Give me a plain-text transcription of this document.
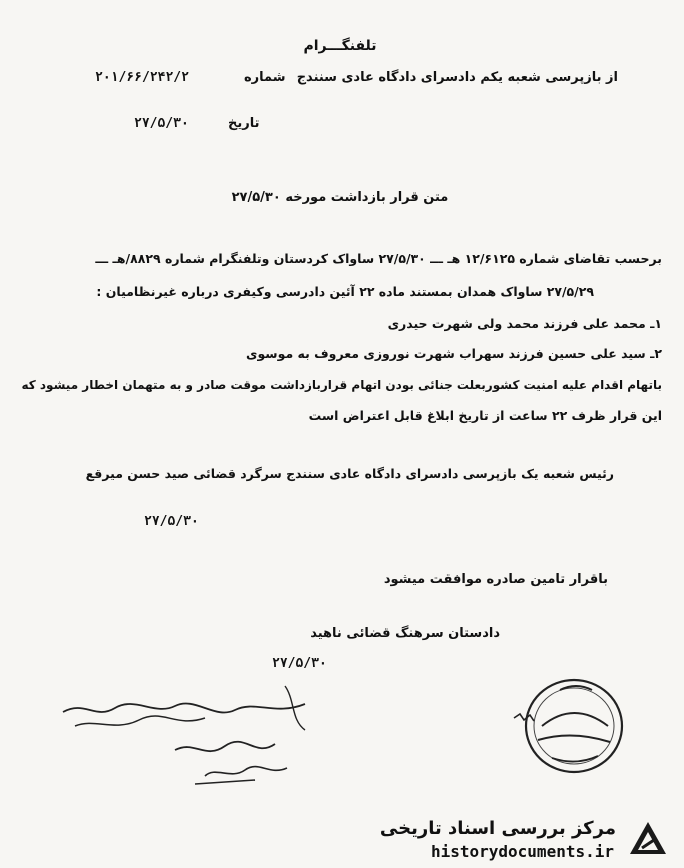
تلفنگـــرام
از بازپرسی شعبه یکم دادسرای دادگاه عادی سنندج
شماره
۲۰۱/۶۶/۲۴۲/۲
تاریخ
۲۷/۵/۳۰
متن قرار بازداشت مورخه ۲۷/۵/۳۰
برحسب تقاضای شماره ۱۲/۶۱۲۵ هـ ـــ ۲۷/۵/۳۰ ساواک کردستان وتلفنگرام شماره ۸۸۲۹/هـ ـــ
۲۷/۵/۲۹ ساواک همدان بمستند ماده ۲۲ آئین دادرسی وکیفری درباره غیرنظامیان :
۱ـ محمد علی فرزند محمد ولی شهرت حیدری
۲ـ سید علی حسین فرزند سهراب شهرت نوروزی معروف به موسوی
باتهام اقدام علیه امنیت کشوربعلت جنائی بودن اتهام قراربازداشت موقت صادر و به متهمان اخطار میشود که
این قرار ظرف ۲۲ ساعت از تاریخ ابلاغ قابل اعتراض است
رئیس شعبه یک بازپرسی دادسرای دادگاه عادی سنندج سرگرد قضائی صید حسن میرقع
۲۷/۵/۳۰
باقرار تامین صادره موافقت میشود
دادستان سرهنگ قضائی ناهید
۲۷/۵/۳۰
مرکز بررسی اسناد تاریخی
historydocuments.ir
